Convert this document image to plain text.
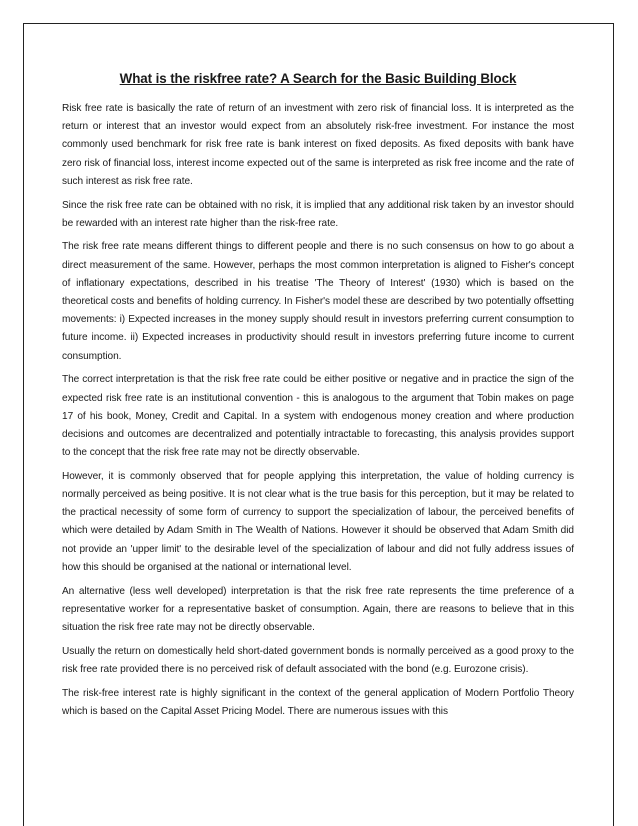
What is the riskfree rate? A Search for the Basic Building Block

Risk free rate is basically the rate of return of an investment with zero risk of financial loss. It is interpreted as the return or interest that an investor would expect from an absolutely risk-free investment. For instance the most commonly used benchmark for risk free rate is bank interest on fixed deposits. As fixed deposits with bank have zero risk of financial loss, interest income expected out of the same is interpreted as risk free income and the rate of such interest as risk free rate.

Since the risk free rate can be obtained with no risk, it is implied that any additional risk taken by an investor should be rewarded with an interest rate higher than the risk-free rate.

The risk free rate means different things to different people and there is no such consensus on how to go about a direct measurement of the same. However, perhaps the most common interpretation is aligned to Fisher's concept of inflationary expectations, described in his treatise 'The Theory of Interest' (1930) which is based on the theoretical costs and benefits of holding currency. In Fisher's model these are described by two potentially offsetting movements: i) Expected increases in the money supply should result in investors preferring current consumption to future income. ii) Expected increases in productivity should result in investors preferring future income to current consumption.

The correct interpretation is that the risk free rate could be either positive or negative and in practice the sign of the expected risk free rate is an institutional convention - this is analogous to the argument that Tobin makes on page 17 of his book, Money, Credit and Capital. In a system with endogenous money creation and where production decisions and outcomes are decentralized and potentially intractable to forecasting, this analysis provides support to the concept that the risk free rate may not be directly observable.

However, it is commonly observed that for people applying this interpretation, the value of holding currency is normally perceived as being positive. It is not clear what is the true basis for this perception, but it may be related to the practical necessity of some form of currency to support the specialization of labour, the perceived benefits of which were detailed by Adam Smith in The Wealth of Nations. However it should be observed that Adam Smith did not provide an 'upper limit' to the desirable level of the specialization of labour and did not fully address issues of how this should be organised at the national or international level.

An alternative (less well developed) interpretation is that the risk free rate represents the time preference of a representative worker for a representative basket of consumption. Again, there are reasons to believe that in this situation the risk free rate may not be directly observable.

Usually the return on domestically held short-dated government bonds is normally perceived as a good proxy to the risk free rate provided there is no perceived risk of default associated with the bond (e.g. Eurozone crisis).

The risk-free interest rate is highly significant in the context of the general application of Modern Portfolio Theory which is based on the Capital Asset Pricing Model. There are numerous issues with this
